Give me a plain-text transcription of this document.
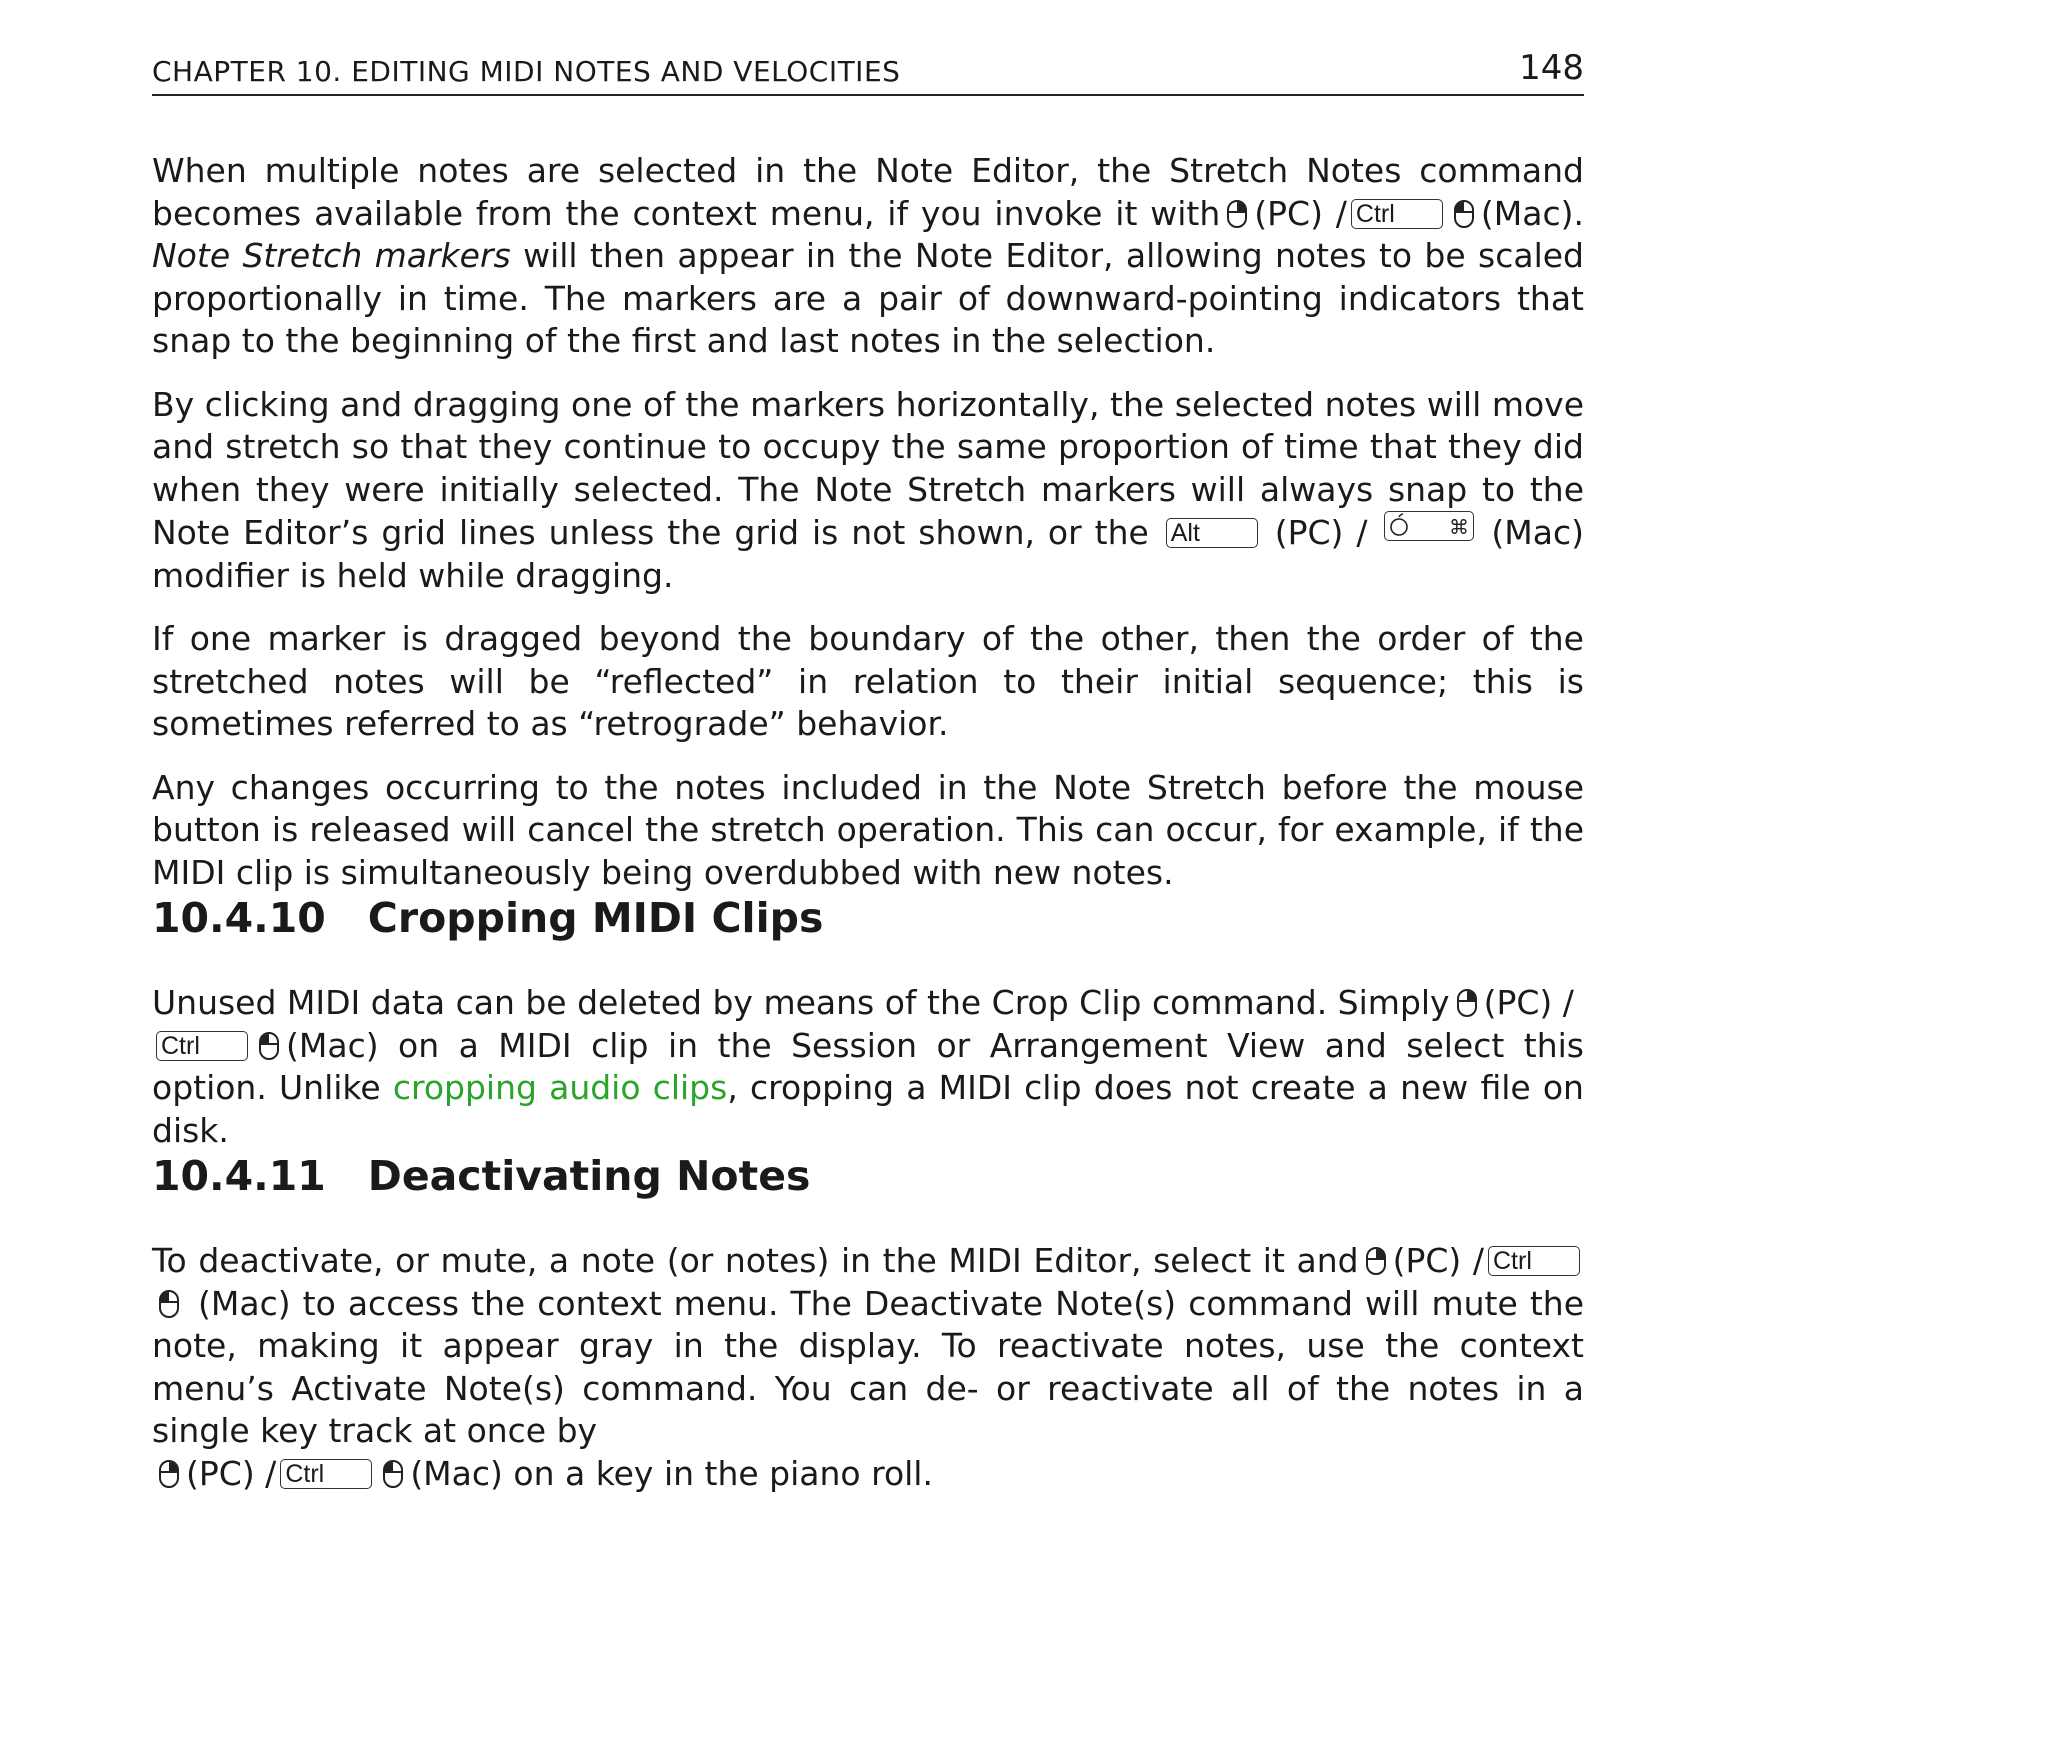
CHAPTER 10. EDITING MIDI NOTES AND VELOCITIES	148

When multiple notes are selected in the Note Editor, the Stretch Notes command becomes available from the context menu, if you invoke it with (PC) / Ctrl	(Mac). Note Stretch markers will then appear in the Note Editor, allowing notes to be scaled proportionally in time. The markers are a pair of downward-pointing indicators that snap to the beginning of the first and last notes in the selection.

By clicking and dragging one of the markers horizontally, the selected notes will move and stretch so that they continue to occupy the same proportion of time that they did when they were initially selected. The Note Stretch markers will always snap to the Note Editor’s grid lines unless the grid is not shown, or the Alt (PC) /	⌘ (Mac) modifier is held while dragging.

If one marker is dragged beyond the boundary of the other, then the order of the stretched notes will be “reflected” in relation to their initial sequence; this is sometimes referred to as “retrograde” behavior.

Any changes occurring to the notes included in the Note Stretch before the mouse button is released will cancel the stretch operation. This can occur, for example, if the MIDI clip is simultaneously being overdubbed with new notes.

10.4.10 Cropping MIDI Clips

Unused MIDI data can be deleted by means of the Crop Clip command. Simply (PC) /
Ctrl	(Mac) on a MIDI clip in the Session or Arrangement View and select this option. Unlike cropping audio clips, cropping a MIDI clip does not create a new file on disk.

10.4.11 Deactivating Notes

To deactivate, or mute, a note (or notes) in the MIDI Editor, select it and (PC) / Ctrl (Mac) to access the context menu. The Deactivate Note(s) command will mute the note, making it appear gray in the display. To reactivate notes, use the context menu’s Activate Note(s) command. You can de- or reactivate all of the notes in a single key track at once by
(PC) / Ctrl	(Mac) on a key in the piano roll.
